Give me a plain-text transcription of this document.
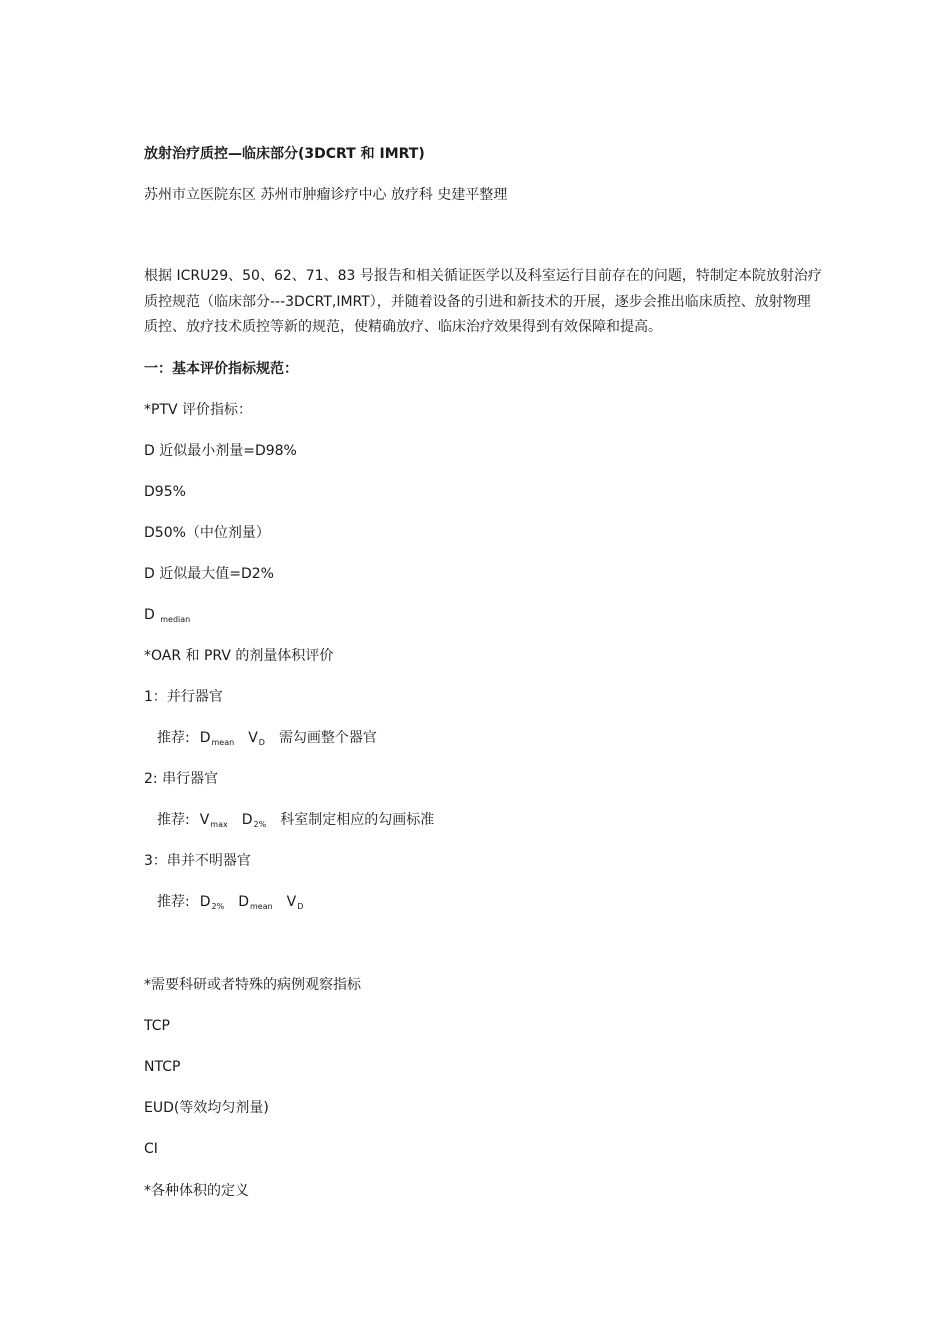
放射治疗质控—临床部分(3DCRT 和 IMRT)
苏州市立医院东区 苏州市肿瘤诊疗中心 放疗科 史建平整理
根据 ICRU29、50、62、71、83 号报告和相关循证医学以及科室运行目前存在的问题，特制定本院放射治疗质控规范（临床部分---3DCRT,IMRT），并随着设备的引进和新技术的开展，逐步会推出临床质控、放射物理质控、放疗技术质控等新的规范，使精确放疗、临床治疗效果得到有效保障和提高。
一：基本评价指标规范：
*PTV 评价指标：
D 近似最小剂量=D98%
D95%
D50%（中位剂量）
D 近似最大值=D2%
D $_{median}$
*OAR 和 PRV 的剂量体积评价
1：并行器官
推荐: $D_{mean}$ $V_D$ 需勾画整个器官
2: 串行器官
推荐: $V_{max}$ $D_{2\%}$ 科室制定相应的勾画标准
3：串并不明器官
推荐: $D_{2\%}$ $D_{mean}$ $V_D$
*需要科研或者特殊的病例观察指标
TCP
NTCP
EUD(等效均匀剂量)
CI
*各种体积的定义
